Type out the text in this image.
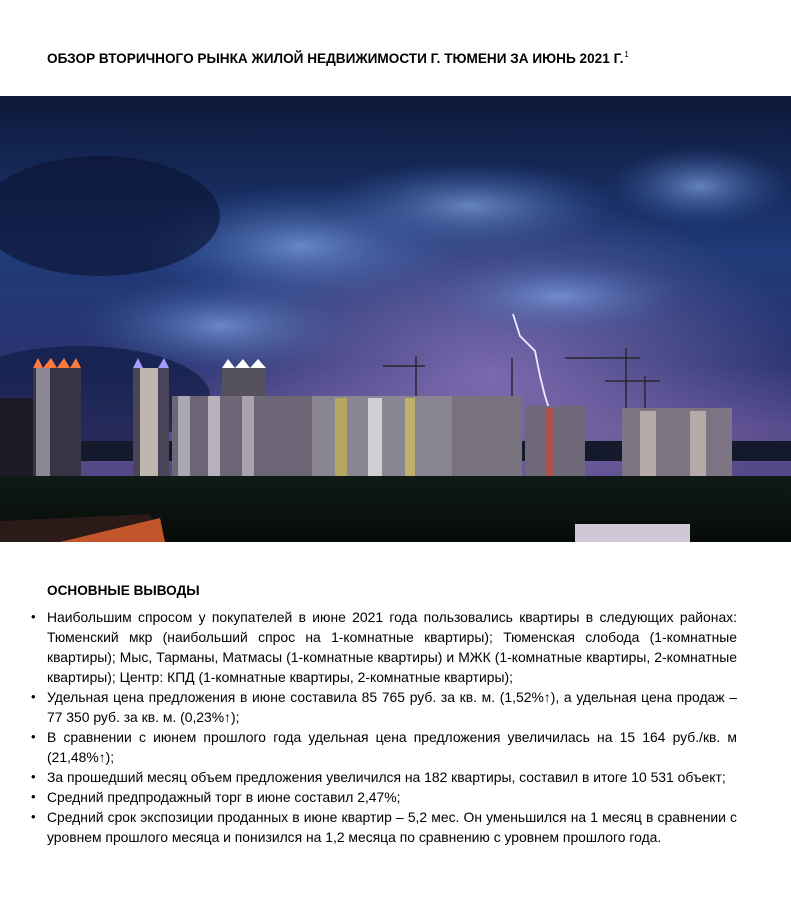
ОБЗОР ВТОРИЧНОГО РЫНКА ЖИЛОЙ НЕДВИЖИМОСТИ Г. ТЮМЕНИ ЗА ИЮНЬ 2021 Г.$^1$
ОСНОВНЫЕ ВЫВОДЫ
• Наибольшим спросом у покупателей в июне 2021 года пользовались квартиры в следующих районах: Тюменский мкр (наибольший спрос на 1-комнатные квартиры); Тюменская слобода (1-комнатные квартиры); Мыс, Тарманы, Матмасы (1-комнатные квартиры) и МЖК (1-комнатные квартиры, 2-комнатные квартиры); Центр: КПД (1-комнатные квартиры, 2-комнатные квартиры);
• Удельная цена предложения в июне составила 85 765 руб. за кв. м. (1,52%↑), а удельная цена продаж – 77 350 руб. за кв. м. (0,23%↑);
• В сравнении с июнем прошлого года удельная цена предложения увеличилась на 15 164 руб./кв. м (21,48%↑);
• За прошедший месяц объем предложения увеличился на 182 квартиры, составил в итоге 10 531 объект;
• Средний предпродажный торг в июне составил 2,47%;
• Средний срок экспозиции проданных в июне квартир – 5,2 мес. Он уменьшился на 1 месяц в сравнении с уровнем прошлого месяца и понизился на 1,2 месяца по сравнению с уровнем прошлого года.
